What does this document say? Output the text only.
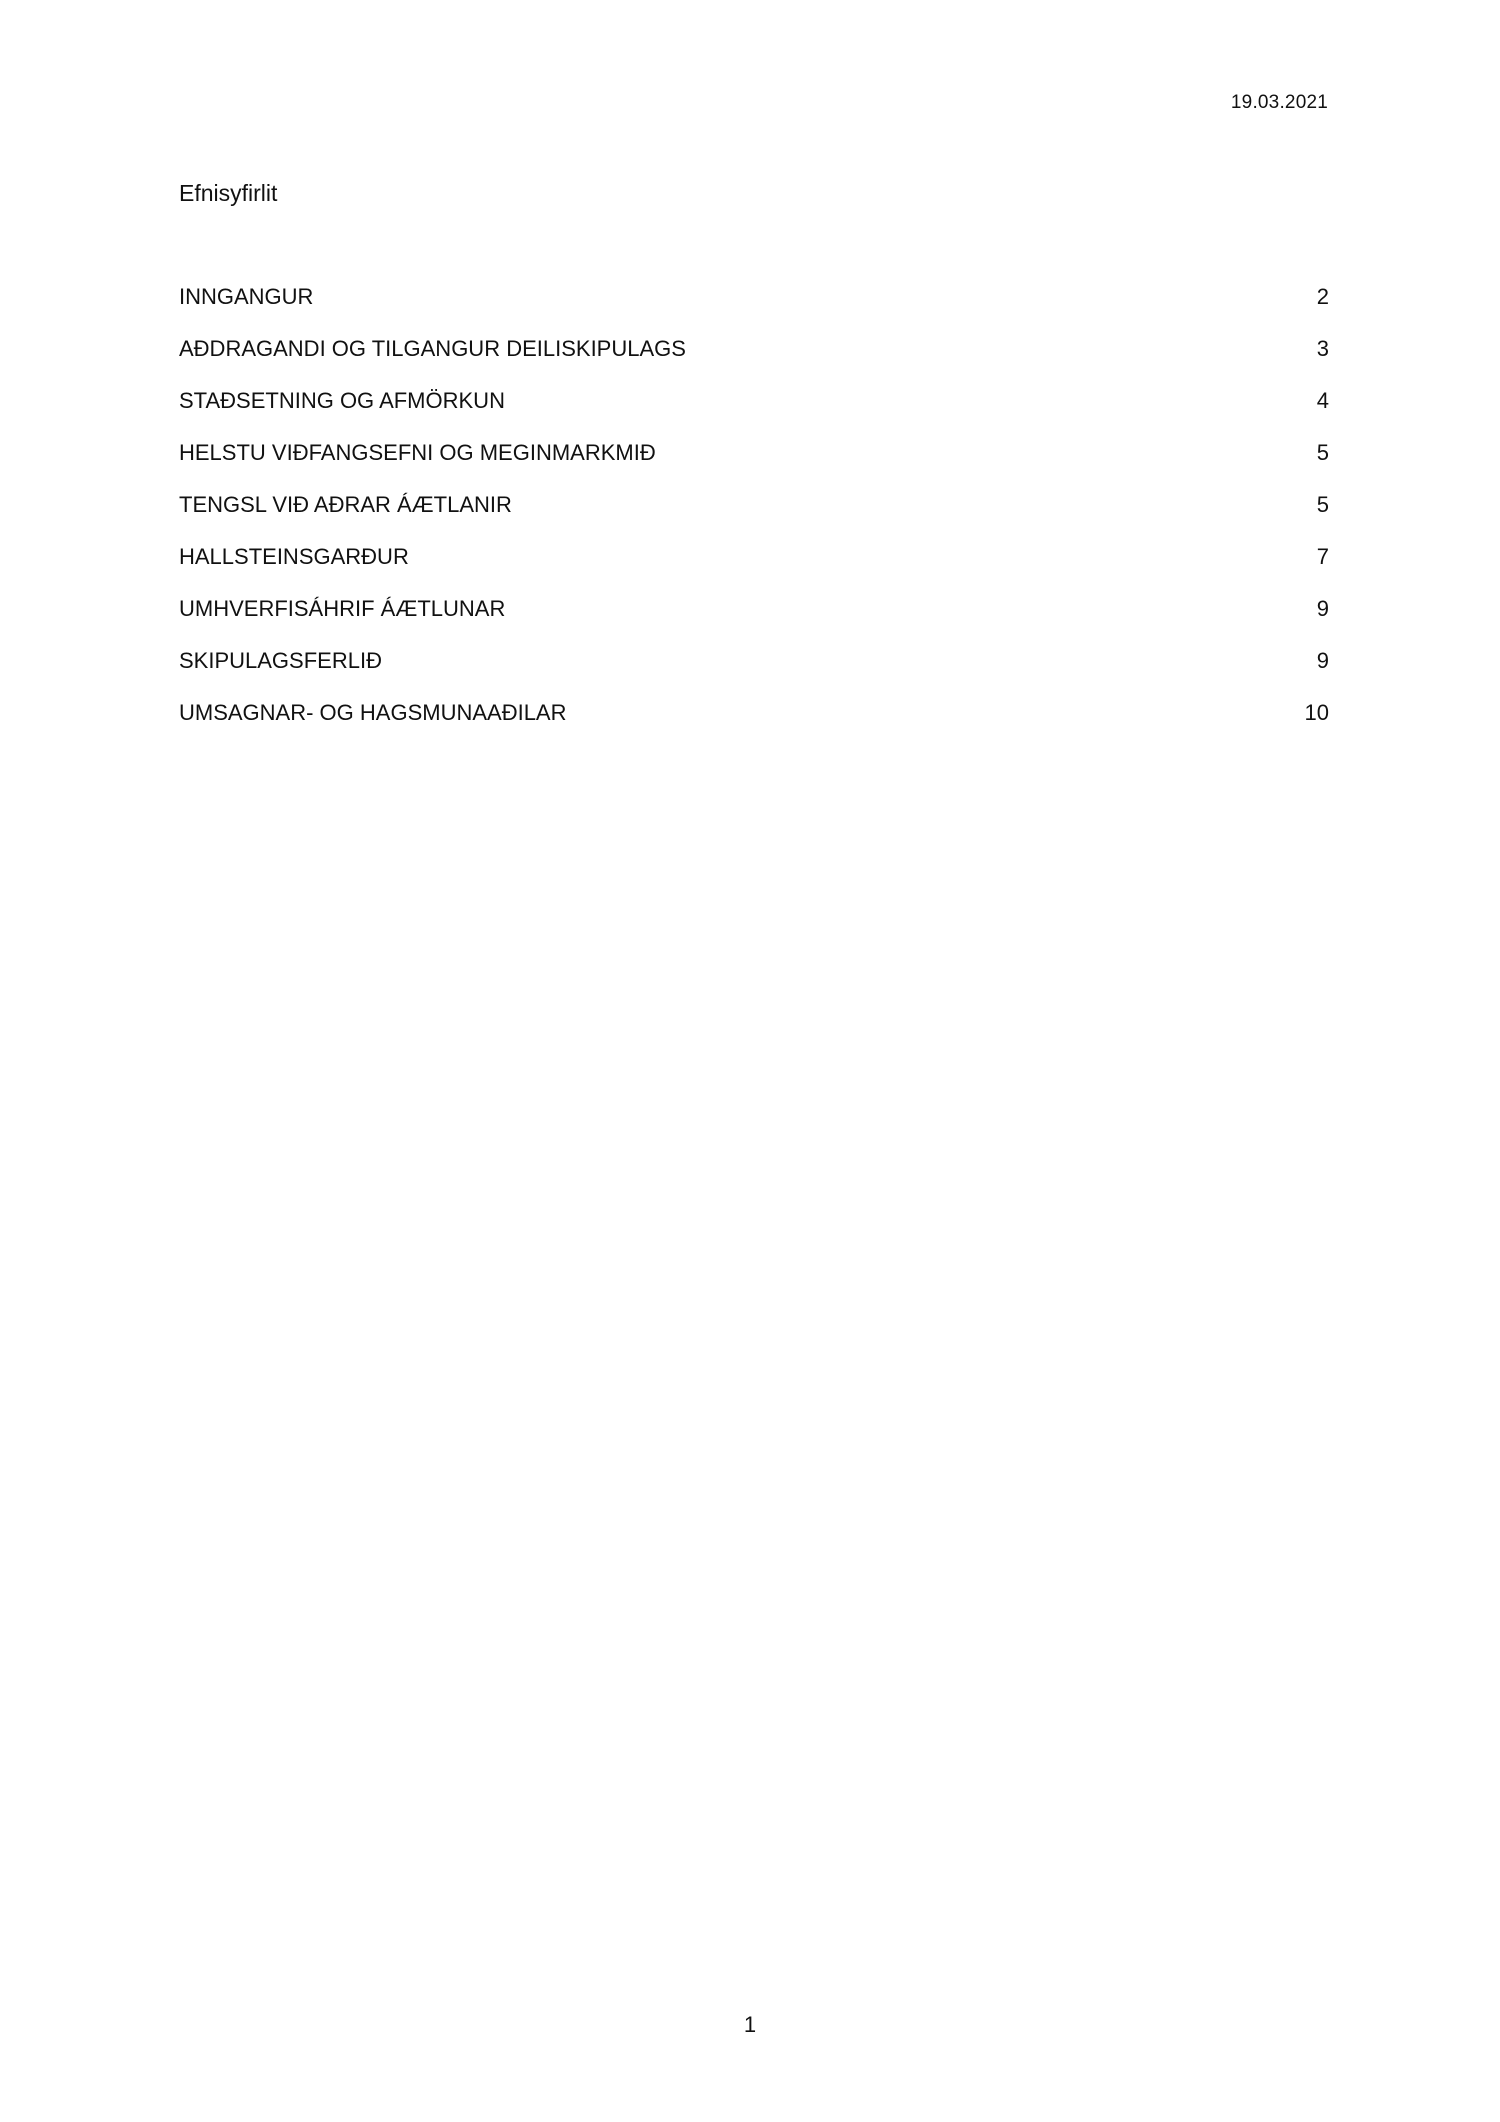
19.03.2021
Efnisyfirlit
INNGANGUR	2
AÐDRAGANDI OG TILGANGUR DEILISKIPULAGS	3
STAÐSETNING OG AFMÖRKUN	4
HELSTU VIÐFANGSEFNI OG MEGINMARKMIÐ	5
TENGSL VIÐ AÐRAR ÁÆTLANIR	5
HALLSTEINSGARÐUR	7
UMHVERFISÁHRIF ÁÆTLUNAR	9
SKIPULAGSFERLIÐ	9
UMSAGNAR- OG HAGSMUNAAÐILAR	10
1
